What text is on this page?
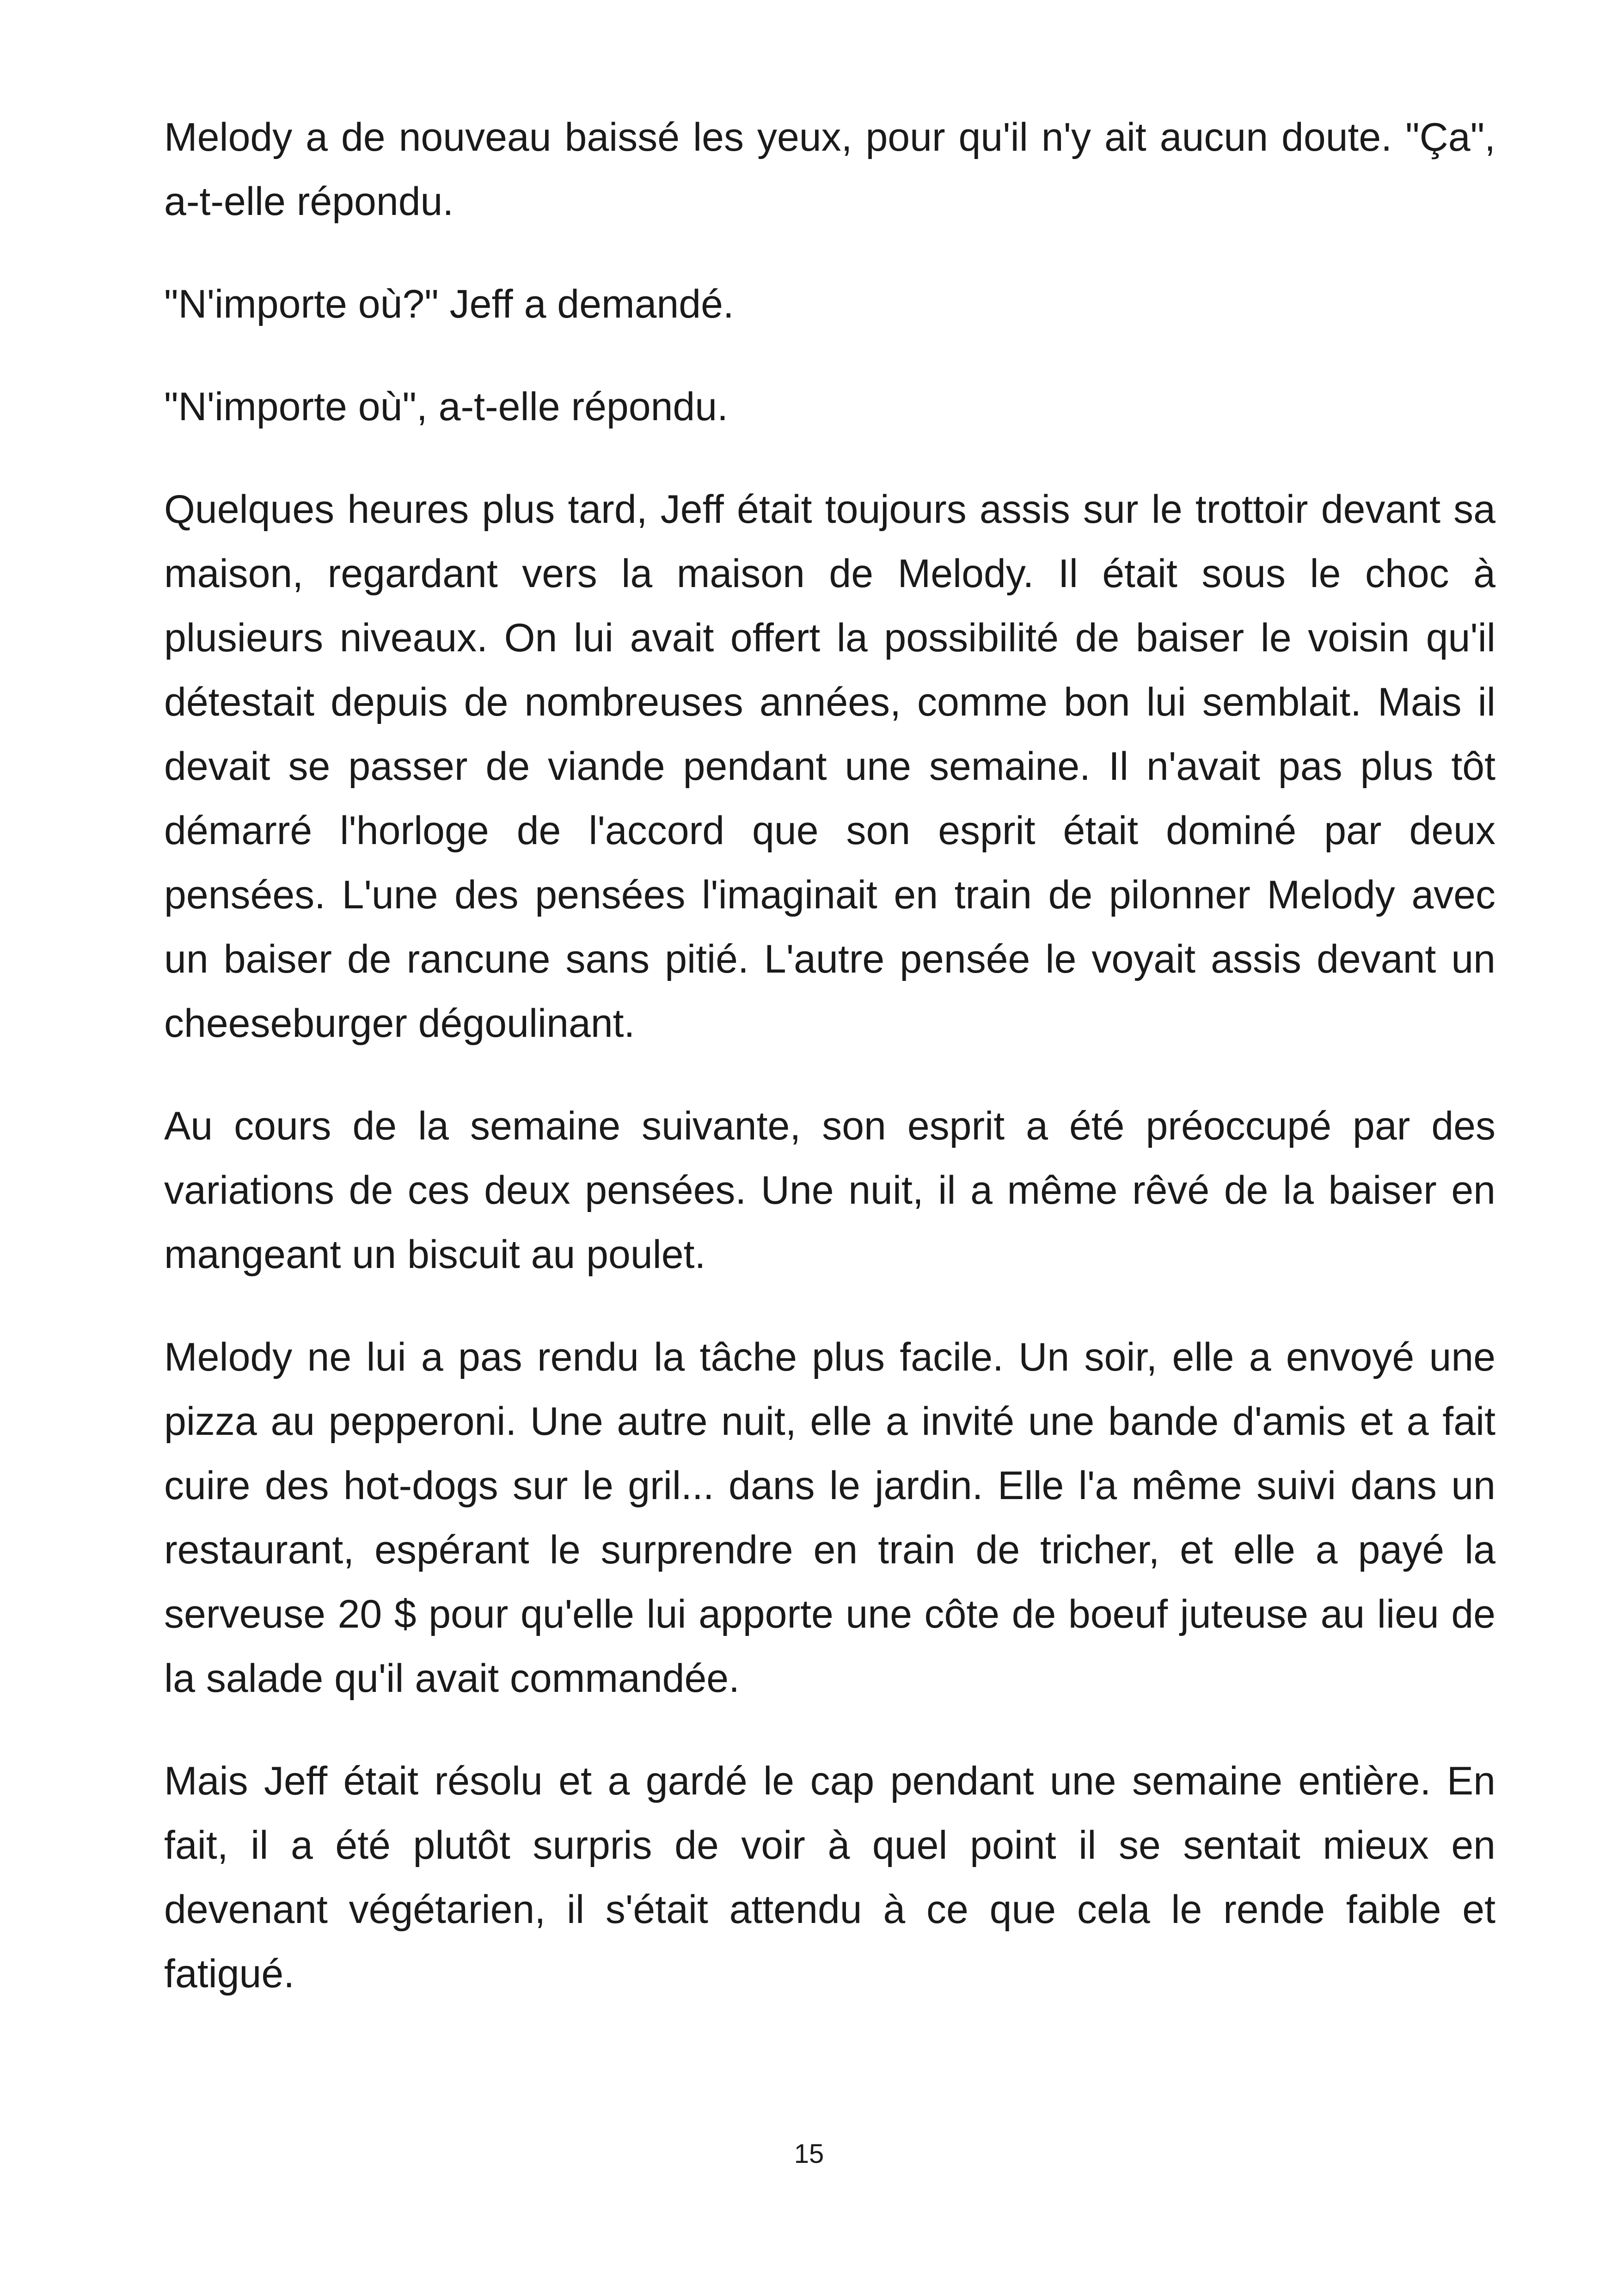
Melody a de nouveau baissé les yeux, pour qu'il n'y ait aucun doute. "Ça", a-t-elle répondu.

"N'importe où?" Jeff a demandé.

"N'importe où", a-t-elle répondu.

Quelques heures plus tard, Jeff était toujours assis sur le trottoir devant sa maison, regardant vers la maison de Melody. Il était sous le choc à plusieurs niveaux. On lui avait offert la possibilité de baiser le voisin qu'il détestait depuis de nombreuses années, comme bon lui semblait. Mais il devait se passer de viande pendant une semaine. Il n'avait pas plus tôt démarré l'horloge de l'accord que son esprit était dominé par deux pensées. L'une des pensées l'imaginait en train de pilonner Melody avec un baiser de rancune sans pitié. L'autre pensée le voyait assis devant un cheeseburger dégoulinant.

Au cours de la semaine suivante, son esprit a été préoccupé par des variations de ces deux pensées. Une nuit, il a même rêvé de la baiser en mangeant un biscuit au poulet.

Melody ne lui a pas rendu la tâche plus facile. Un soir, elle a envoyé une pizza au pepperoni. Une autre nuit, elle a invité une bande d'amis et a fait cuire des hot-dogs sur le gril... dans le jardin. Elle l'a même suivi dans un restaurant, espérant le surprendre en train de tricher, et elle a payé la serveuse 20 $ pour qu'elle lui apporte une côte de boeuf juteuse au lieu de la salade qu'il avait commandée.

Mais Jeff était résolu et a gardé le cap pendant une semaine entière. En fait, il a été plutôt surpris de voir à quel point il se sentait mieux en devenant végétarien, il s'était attendu à ce que cela le rende faible et fatigué.

15
